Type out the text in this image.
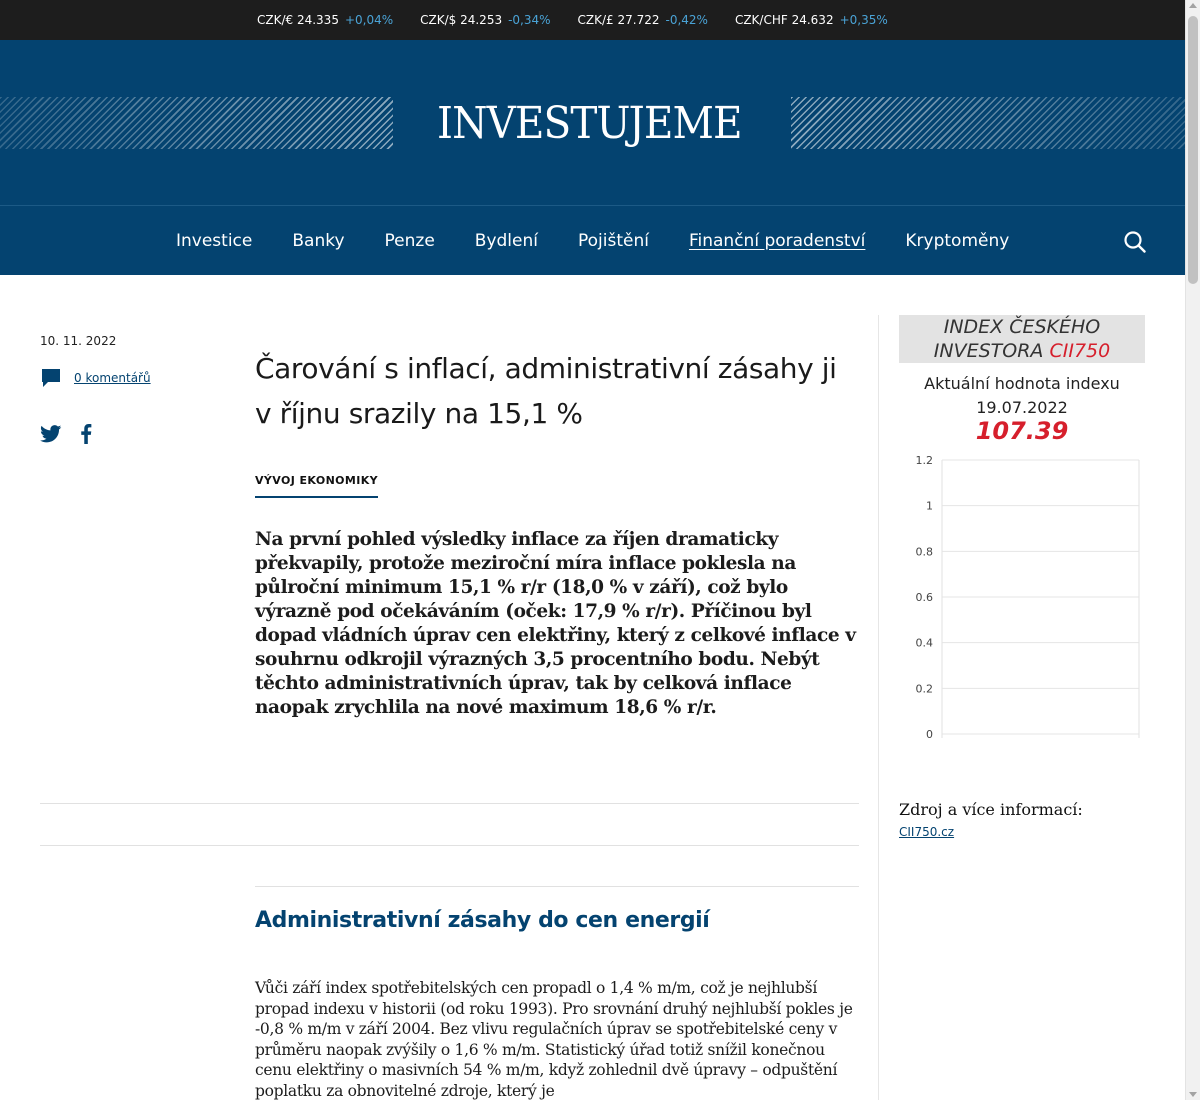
CZK/€ 24.335 +0,04% CZK/$ 24.253 -0,34% CZK/£ 27.722 -0,42% CZK/CHF 24.632 +0,35%
INVESTUJEME
Investice Banky Penze Bydlení Pojištění Finanční poradenství Kryptoměny
10. 11. 2022
0 komentářů	Čarování s inflací, administrativní zásahy ji v říjnu srazily na 15,1 %
VÝVOJ EKONOMIKY

Na první pohled výsledky inflace za říjen dramaticky překvapily, protože meziroční míra inflace poklesla na půlroční minimum 15,1 % r/r (18,0 % v září), což bylo výrazně pod očekáváním (oček: 17,9 % r/r). Příčinou byl dopad vládních úprav cen elektřiny, který z celkové inflace v souhrnu odkrojil výrazných 3,5 procentního bodu. Nebýt těchto administrativních úprav, tak by celková inflace naopak zrychlila na nové maximum 18,6 % r/r.

Administrativní zásahy do cen energií

Vůči září index spotřebitelských cen propadl o 1,4 % m/m, což je nejhlubší propad indexu v historii (od roku 1993). Pro srovnání druhý nejhlubší pokles je -0,8 % m/m v září 2004. Bez vlivu regulačních úprav se spotřebitelské ceny v průměru naopak zvýšily o 1,6 % m/m. Statistický úřad totiž snížil konečnou cenu elektřiny o masivních 54 % m/m, když zohlednil dvě úpravy – odpuštění poplatku za obnovitelné zdroje, který je

INDEX ČESKÉHO
INVESTORA CII750
Aktuální hodnota indexu
19.07.2022
107.39
0
0.2
0.4
0.6
0.8
1
1.2
Zdroj a více informací:
CII750.cz
